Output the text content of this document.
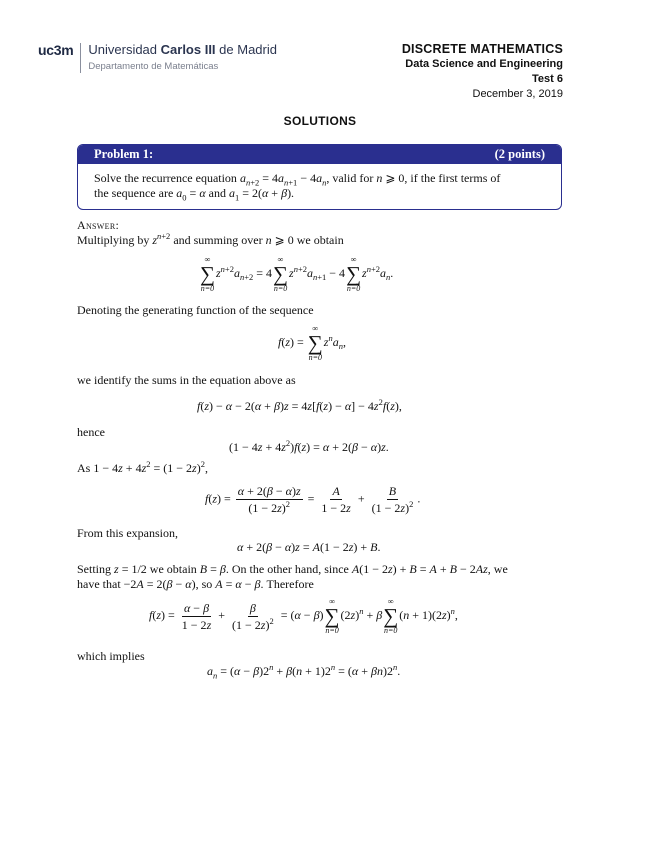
uc3m Universidad Carlos III de Madrid
Departamento de Matemáticas
DISCRETE MATHEMATICS
Data Science and Engineering
Test 6
December 3, 2019
SOLUTIONS
Problem 1:	(2 points)
Solve the recurrence equation $a_{n+2} = 4a_{n+1} - 4a_n$, valid for n ⩾ 0, if the first terms of
the sequence are $a_0 = \alpha$ and $a_1 = 2(\alpha + \beta)$.
Answer:
Multiplying by $z^{n+2}$ and summing over n ⩾ 0 we obtain
∞
∑
n=0
$z^{n+2}a_{n+2} = 4$
∞
∑
n=0
$z^{n+2}a_{n+1} - 4$
∞
∑
n=0
$z^{n+2}a_n$.
Denoting the generating function of the sequence
f(z) =
∞
∑
n=0
$z^na_n$,
we identify the sums in the equation above as
$f(z) - \alpha - 2(\alpha + \beta)z = 4z[f(z) - \alpha] - 4z^2f(z)$,
hence
$(1 - 4z + 4z^2)f(z) = \alpha + 2(\beta - \alpha)z$.
As $1 - 4z + 4z^2 = (1 - 2z)^2$,
$f(z) = \frac{\alpha + 2(\beta - \alpha)z}{(1 - 2z)^2} = \frac{A}{1 - 2z} + \frac{B}{(1 - 2z)^2}$ .
From this expansion,
α + 2(β − α)z = A(1 − 2z) + B.
Setting z = 1/2 we obtain B = β. On the other hand, since A(1 − 2z) + B = A + B − 2Az, we
have that −2A = 2(β − α), so A = α − β. Therefore
$f(z) = \frac{\alpha - \beta}{1 - 2z} + \frac{\beta}{(1 - 2z)^2} = (\alpha - \beta)$
∞
∑
n=0
$(2z)^n + \beta$
∞
∑
n=0
$(n + 1)(2z)^n$,
which implies
$a_n = (\alpha - \beta)2^n + \beta(n + 1)2^n = (\alpha + \beta n)2^n$.
